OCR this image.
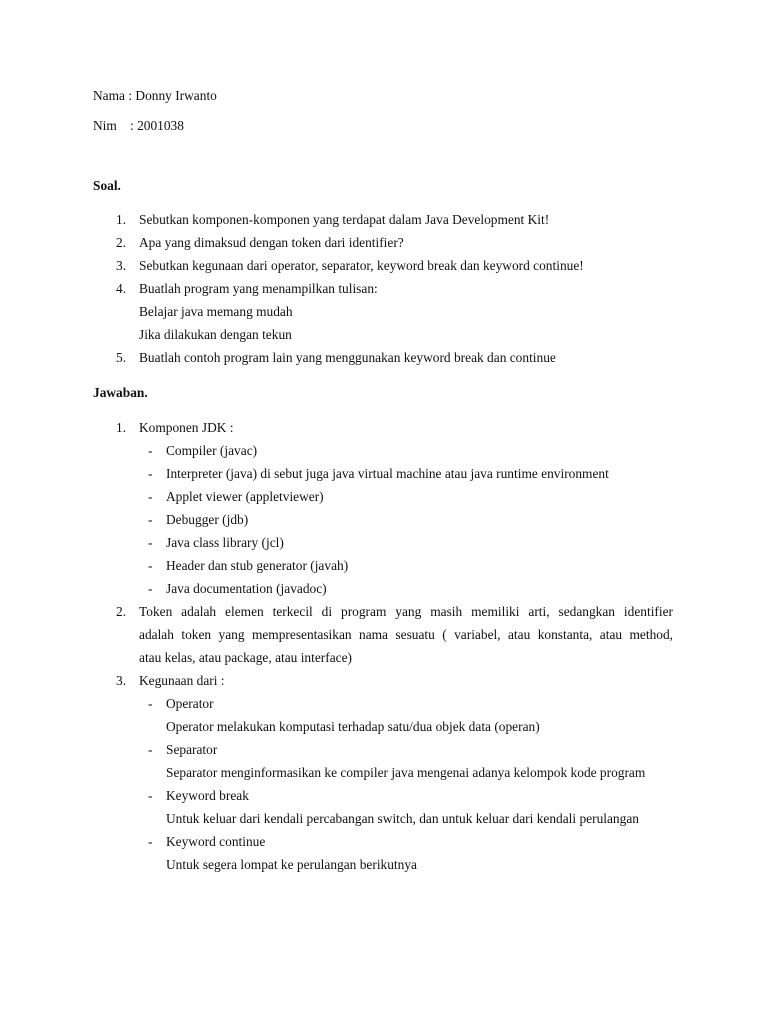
Nama : Donny Irwanto
Nim : 2001038
Soal.
1. Sebutkan komponen-komponen yang terdapat dalam Java Development Kit!
2. Apa yang dimaksud dengan token dari identifier?
3. Sebutkan kegunaan dari operator, separator, keyword break dan keyword continue!
4. Buatlah program yang menampilkan tulisan:
Belajar java memang mudah
Jika dilakukan dengan tekun
5. Buatlah contoh program lain yang menggunakan keyword break dan continue
Jawaban.
1. Komponen JDK :
- Compiler (javac)
- Interpreter (java) di sebut juga java virtual machine atau java runtime environment
- Applet viewer (appletviewer)
- Debugger (jdb)
- Java class library (jcl)
- Header dan stub generator (javah)
- Java documentation (javadoc)
2. Token adalah elemen terkecil di program yang masih memiliki arti, sedangkan identifier
adalah token yang mempresentasikan nama sesuatu ( variabel, atau konstanta, atau method,
atau kelas, atau package, atau interface)
3. Kegunaan dari :
- Operator
Operator melakukan komputasi terhadap satu/dua objek data (operan)
- Separator
Separator menginformasikan ke compiler java mengenai adanya kelompok kode program
- Keyword break
Untuk keluar dari kendali percabangan switch, dan untuk keluar dari kendali perulangan
- Keyword continue
Untuk segera lompat ke perulangan berikutnya
